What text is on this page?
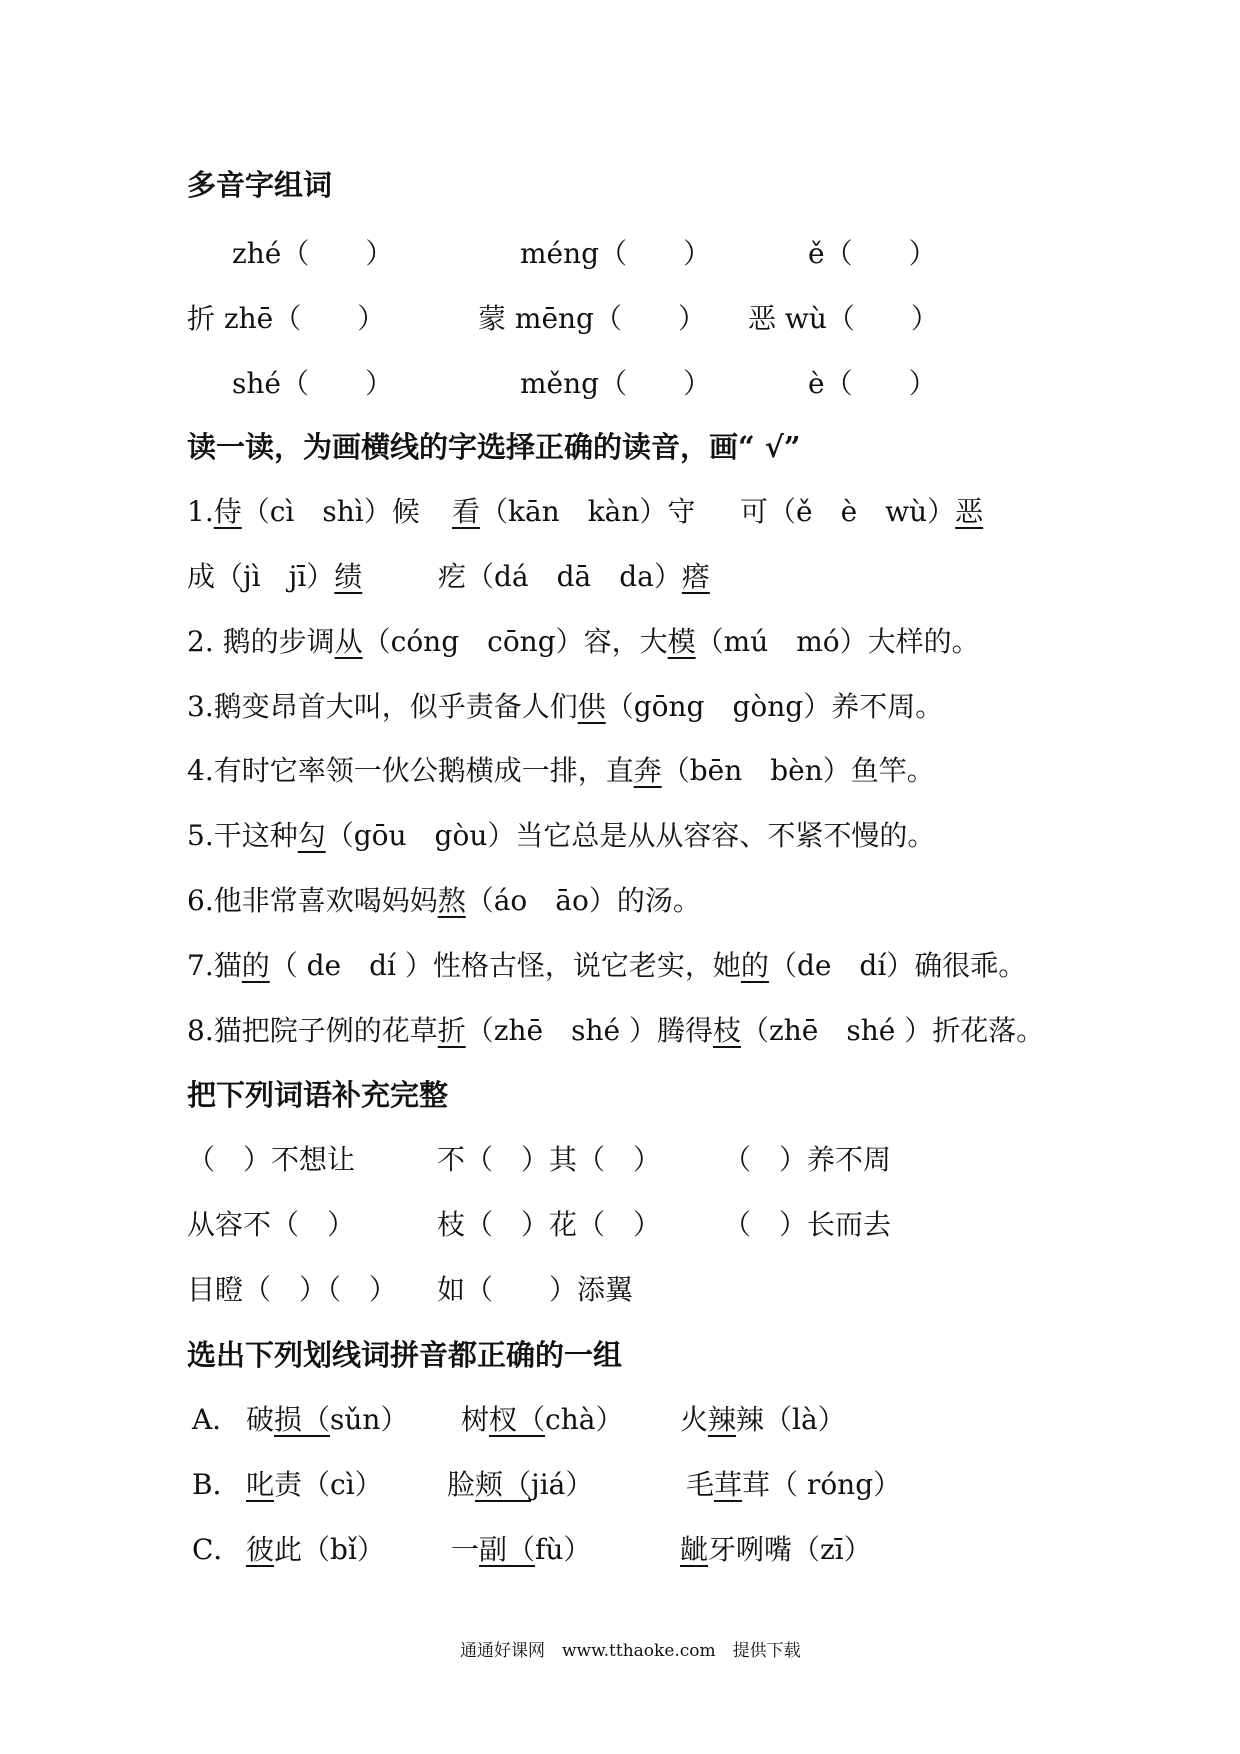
多音字组词
zhé（　　）	méng（　　）	ě（　　）
折 zhē（　　）	蒙 mēng（　　） 恶 wù（　　）
shé（　　）	měng（　　）	è（　　）
读一读，为画横线的字选择正确的读音，画“ √”
1.侍（cì　shì）候 看（kān　kàn）守 可（ě　è　wù）恶
成（jì　jī）绩	疙（dá　dā　da）瘩
2. 鹅的步调从（cóng　cōng）容，大模（mú　mó）大样的。
3.鹅变昂首大叫，似乎责备人们供（gōng　gòng）养不周。
4.有时它率领一伙公鹅横成一排，直奔（bēn　bèn）鱼竿。
5.干这种勾（gōu　gòu）当它总是从从容容、不紧不慢的。
6.他非常喜欢喝妈妈熬（áo　āo）的汤。
7.猫的（ de　dí ）性格古怪，说它老实，她的（de　dí）确很乖。
8.猫把院子例的花草折（zhē　shé ）腾得枝（zhē　shé ）折花落。
把下列词语补充完整
（　）不想让	不（　）其（　） （　）养不周
从容不（　）	枝（　）花（　） （　）长而去
目瞪（　）（　） 如（　　）添翼
选出下列划线词拼音都正确的一组
A． 破损（sǔn） 树杈（chà） 火辣辣（là）
B． 叱责（cì） 脸颊（jiá）	毛茸茸（ róng）
C． 彼此（bǐ） 一副（fù）	龇牙咧嘴（zī）
通通好课网　www.tthaoke.com　提供下载
